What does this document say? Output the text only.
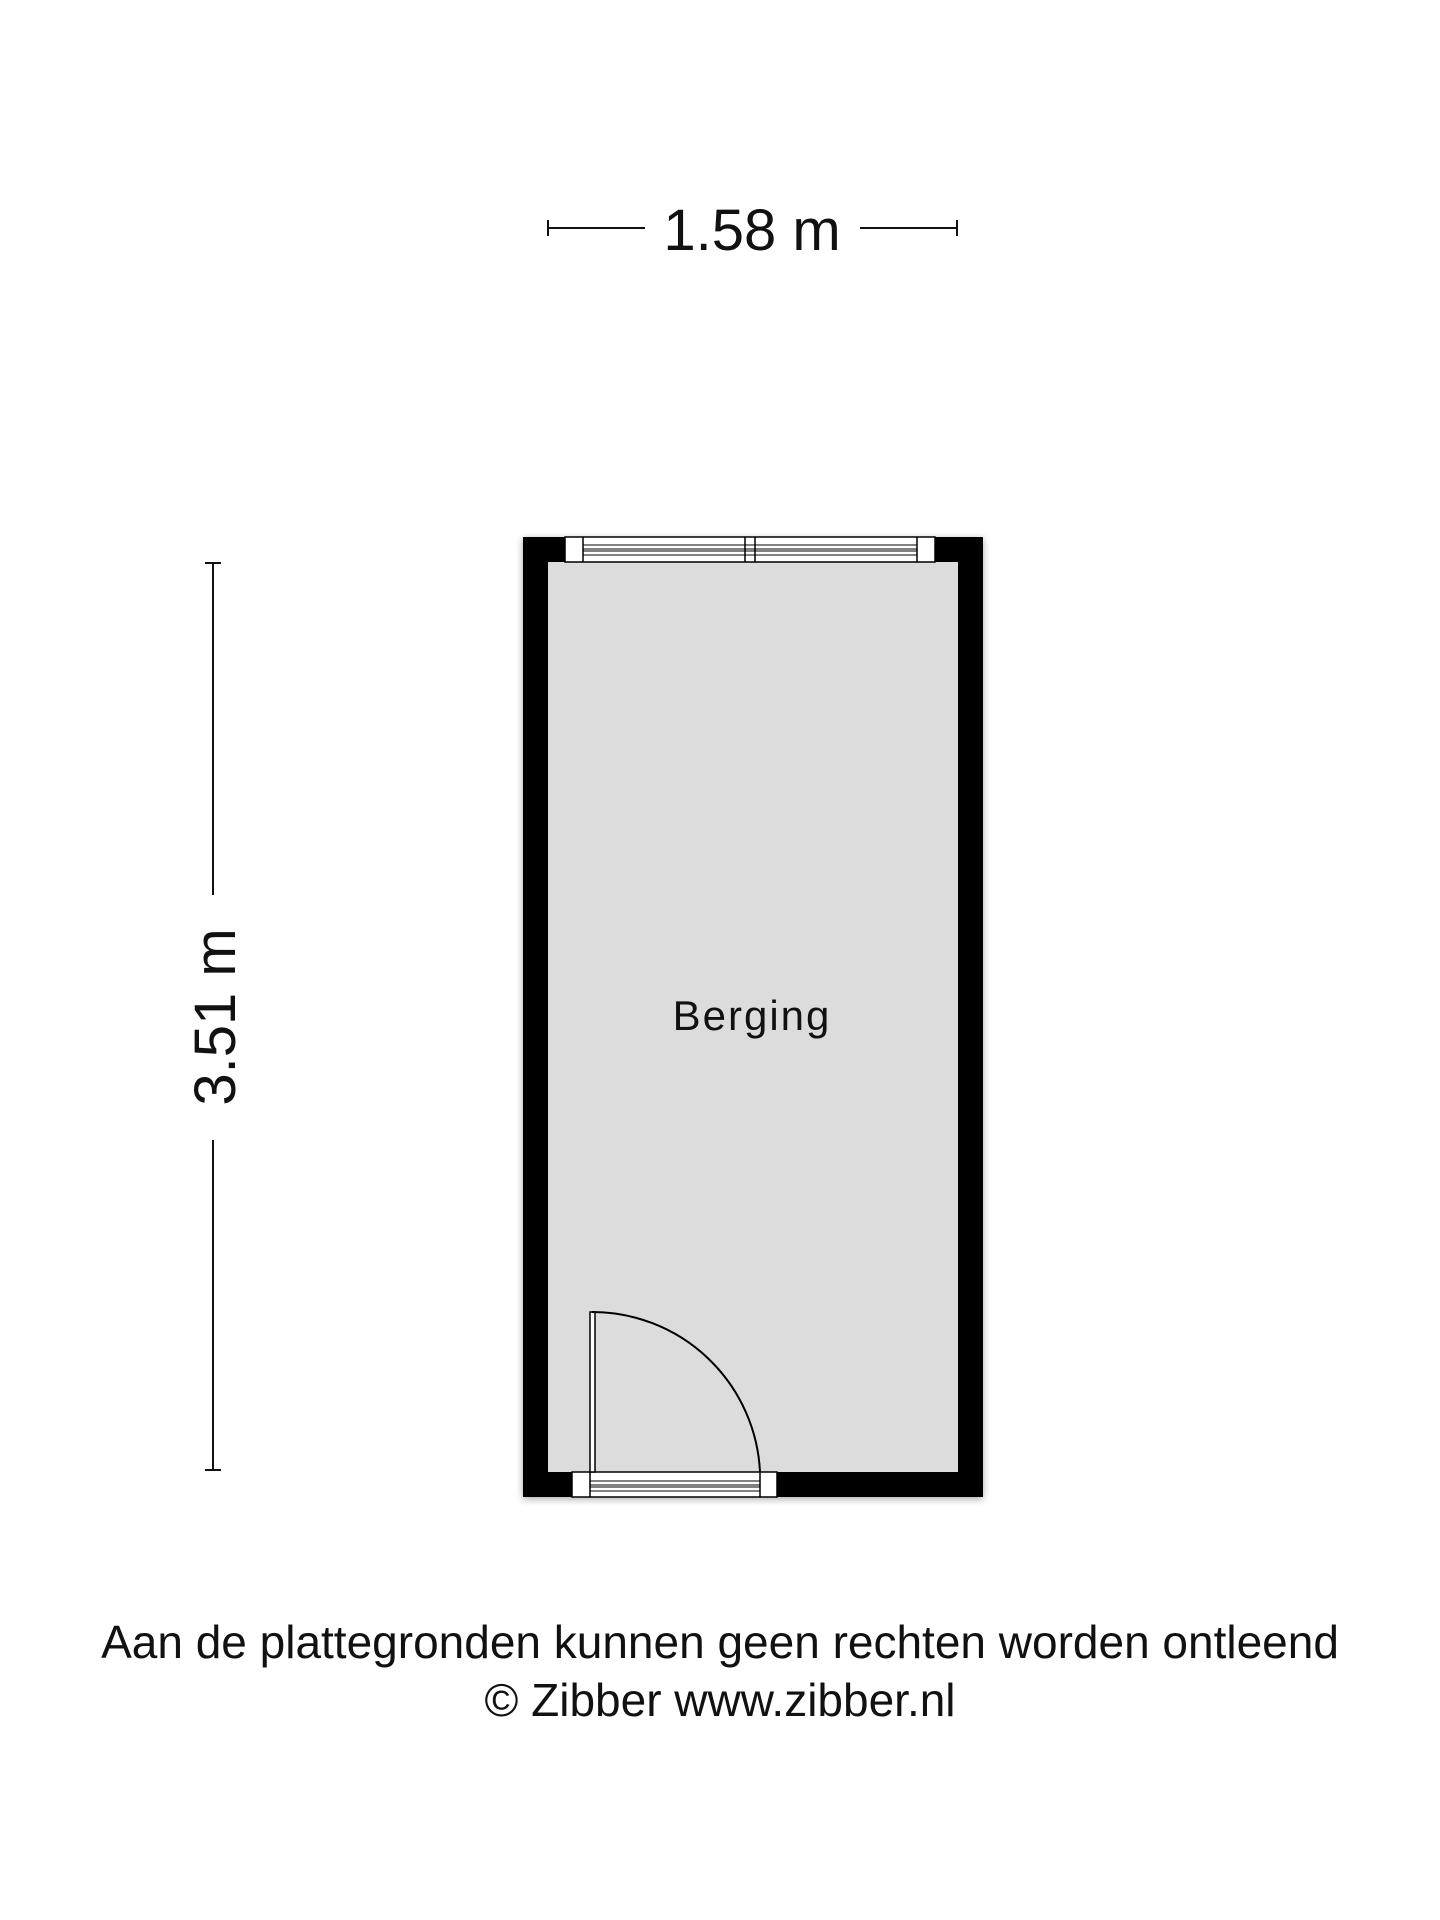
1.58 m
3.51 m	Berging
Aan de plattegronden kunnen geen rechten worden ontleend
© Zibber www.zibber.nl
